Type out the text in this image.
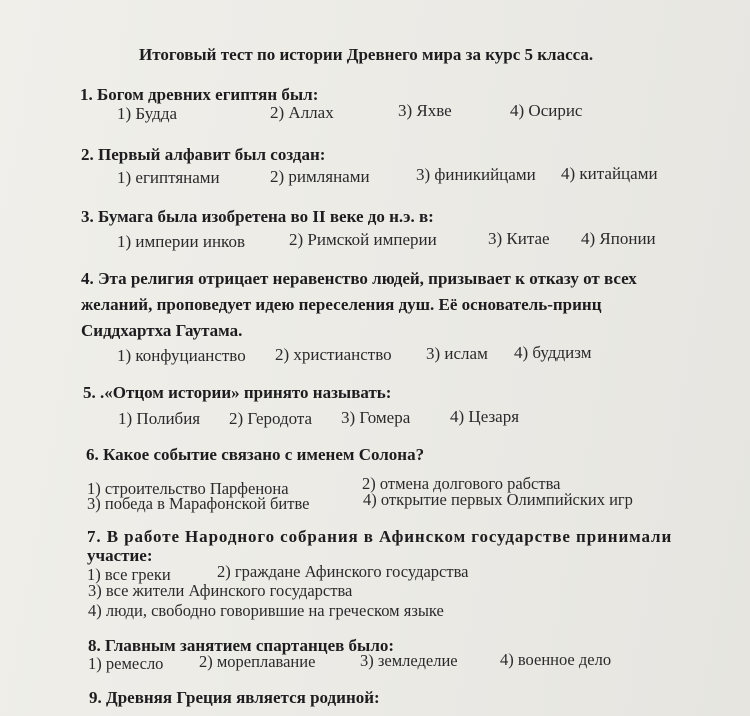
Итоговый тест по истории Древнего мира за курс 5 класса.
1. Богом древних египтян был:
1) Будда	2) Аллах	3) Яхве	4) Осирис
2. Первый алфавит был создан:
1) египтянами	2) римлянами	3) финикийцами 4) китайцами
3. Бумага была изобретена во II веке до н.э. в:
1) империи инков	2) Римской империи	3) Китае 4) Японии
4. Эта религия отрицает неравенство людей, призывает к отказу от всех
желаний, проповедует идею переселения душ. Её основатель-принц
Сиддхартха Гаутама.
1) конфуцианство 2) христианство 3) ислам 4) буддизм
5. .«Отцом истории» принято называть:
1) Полибия 2) Геродота 3) Гомера 4) Цезаря
6. Какое событие связано с именем Солона?
1) строительство Парфенона	2) отмена долгового рабства
3) победа в Марафонской битве	4) открытие первых Олимпийских игр
7. В работе Народного собрания в Афинском государстве принимали
участие:
1) все греки	2) граждане Афинского государства
3) все жители Афинского государства
4) люди, свободно говорившие на греческом языке
8. Главным занятием спартанцев было:
1) ремесло 2) мореплавание	3) земледелие	4) военное дело
9. Древняя Греция является родиной:
